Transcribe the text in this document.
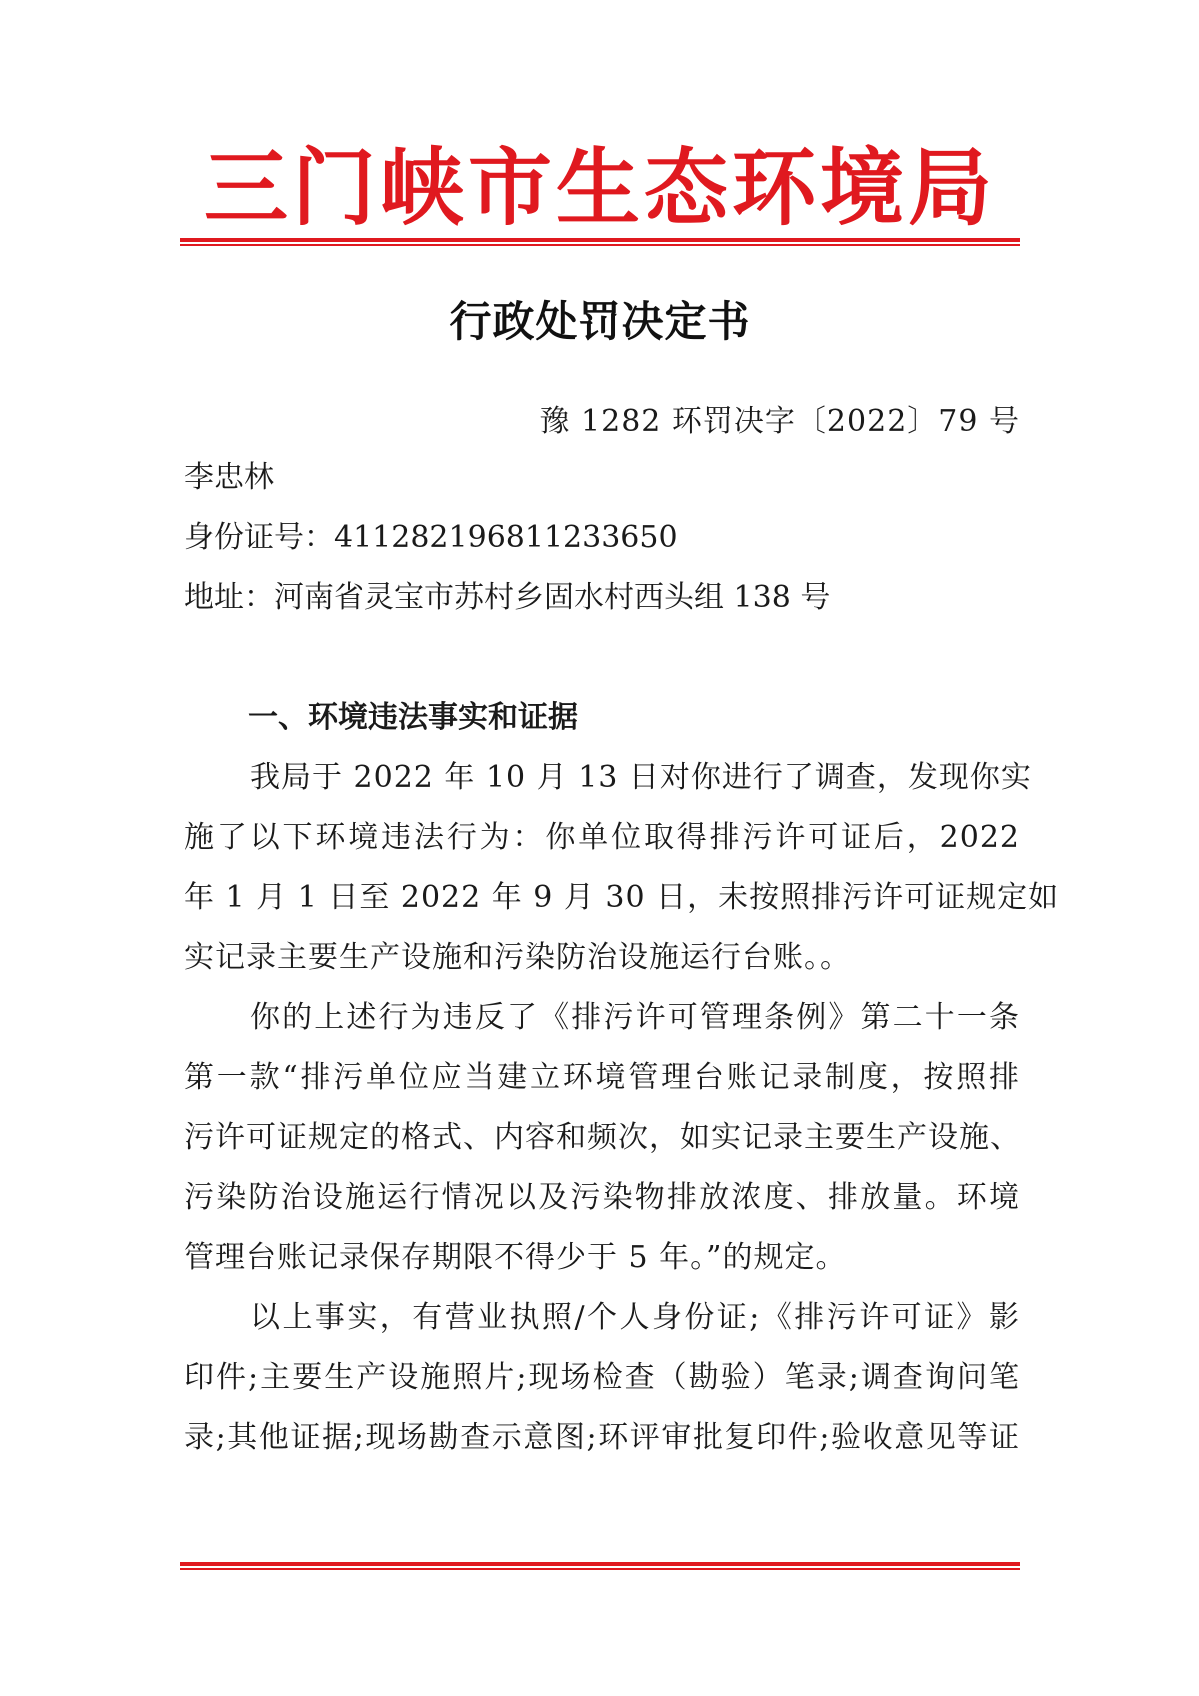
三门峡市生态环境局
行政处罚决定书
豫 1282 环罚决字〔2022〕79 号
李忠林
身份证号：411282196811233650
地址：河南省灵宝市苏村乡固水村西头组 138 号
一、环境违法事实和证据
我局于 2022 年 10 月 13 日对你进行了调查，发现你实
施了以下环境违法行为：你单位取得排污许可证后，2022
年 1 月 1 日至 2022 年 9 月 30 日，未按照排污许可证规定如
实记录主要生产设施和污染防治设施运行台账。。
你的上述行为违反了《排污许可管理条例》第二十一条
第一款“排污单位应当建立环境管理台账记录制度，按照排
污许可证规定的格式、内容和频次，如实记录主要生产设施、
污染防治设施运行情况以及污染物排放浓度、排放量。环境
管理台账记录保存期限不得少于 5 年。”的规定。
以上事实，有营业执照/个人身份证;《排污许可证》影
印件;主要生产设施照片;现场检查（勘验）笔录;调查询问笔
录;其他证据;现场勘查示意图;环评审批复印件;验收意见等证
